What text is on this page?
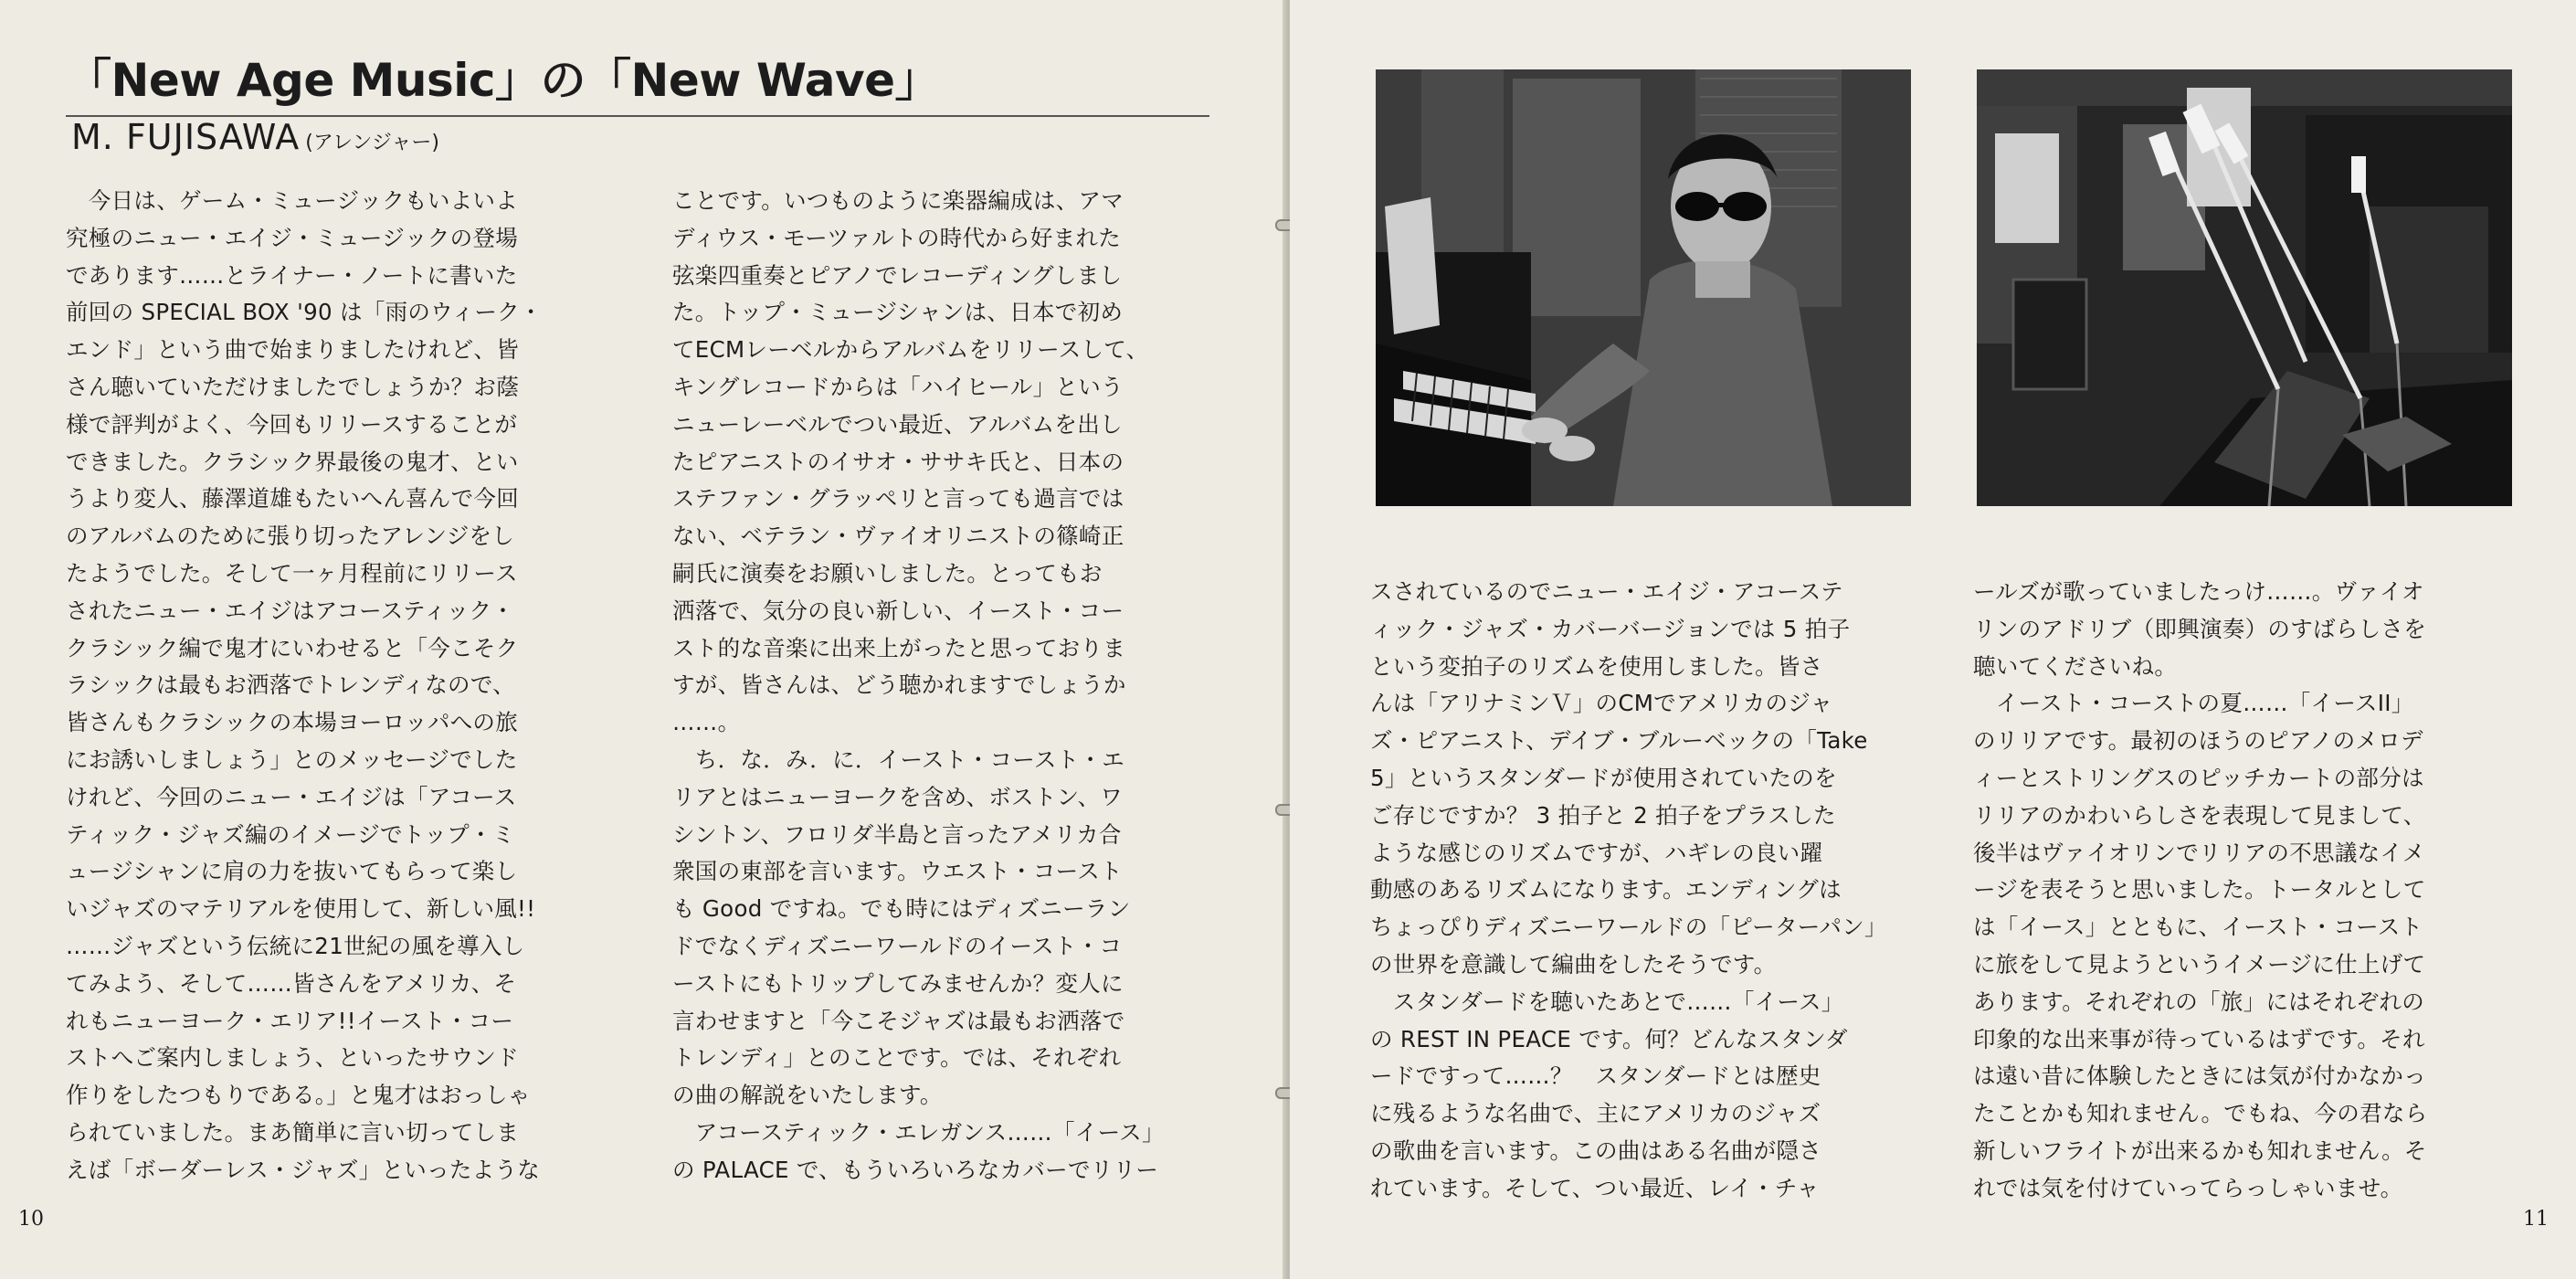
「New Age Music」の「New Wave」
M. FUJISAWA (アレンジャー)
　今日は、ゲーム・ミュージックもいよいよ
究極のニュー・エイジ・ミュージックの登場
であります……とライナー・ノートに書いた
前回の SPECIAL BOX '90 は「雨のウィーク・
エンド」という曲で始まりましたけれど、皆
さん聴いていただけましたでしょうか？お蔭
様で評判がよく、今回もリリースすることが
できました。クラシック界最後の鬼才、とい
うより変人、藤澤道雄もたいへん喜んで今回
のアルバムのために張り切ったアレンジをし
たようでした。そして一ヶ月程前にリリース
されたニュー・エイジはアコースティック・
クラシック編で鬼才にいわせると「今こそク
ラシックは最もお洒落でトレンディなので、
皆さんもクラシックの本場ヨーロッパへの旅
にお誘いしましょう」とのメッセージでした
けれど、今回のニュー・エイジは「アコース
ティック・ジャズ編のイメージでトップ・ミ
ュージシャンに肩の力を抜いてもらって楽し
いジャズのマテリアルを使用して、新しい風!!
……ジャズという伝統に21世紀の風を導入し
てみよう、そして……皆さんをアメリカ、そ
れもニューヨーク・エリア!!イースト・コー
ストへご案内しましょう、といったサウンド
作りをしたつもりである。」と鬼才はおっしゃ
られていました。まあ簡単に言い切ってしま
えば「ボーダーレス・ジャズ」といったような
ことです。いつものように楽器編成は、アマ
ディウス・モーツァルトの時代から好まれた
弦楽四重奏とピアノでレコーディングしまし
た。トップ・ミュージシャンは、日本で初め
てECMレーベルからアルバムをリリースして、
キングレコードからは「ハイヒール」という
ニューレーベルでつい最近、アルバムを出し
たピアニストのイサオ・ササキ氏と、日本の
ステファン・グラッペリと言っても過言では
ない、ベテラン・ヴァイオリニストの篠崎正
嗣氏に演奏をお願いしました。とってもお
洒落で、気分の良い新しい、イースト・コー
スト的な音楽に出来上がったと思っておりま
すが、皆さんは、どう聴かれますでしょうか
……。
　ち．な．み．に．イースト・コースト・エ
リアとはニューヨークを含め、ボストン、ワ
シントン、フロリダ半島と言ったアメリカ合
衆国の東部を言います。ウエスト・コースト
も Good ですね。でも時にはディズニーラン
ドでなくディズニーワールドのイースト・コ
ーストにもトリップしてみませんか？変人に
言わせますと「今こそジャズは最もお洒落で
トレンディ」とのことです。では、それぞれ
の曲の解説をいたします。
　アコースティック・エレガンス……「イース」
の PALACE で、もういろいろなカバーでリリー
10
スされているのでニュー・エイジ・アコーステ
ィック・ジャズ・カバーバージョンでは 5 拍子
という変拍子のリズムを使用しました。皆さ
んは「アリナミンＶ」のCMでアメリカのジャ
ズ・ピアニスト、デイブ・ブルーベックの「Take
5」というスタンダードが使用されていたのを
ご存じですか？ 3 拍子と 2 拍子をプラスした
ような感じのリズムですが、ハギレの良い躍
動感のあるリズムになります。エンディングは
ちょっぴりディズニーワールドの「ピーターパン」
の世界を意識して編曲をしたそうです。
　スタンダードを聴いたあとで……「イース」
の REST IN PEACE です。何？どんなスタンダ
ードですって……？　スタンダードとは歴史
に残るような名曲で、主にアメリカのジャズ
の歌曲を言います。この曲はある名曲が隠さ
れています。そして、つい最近、レイ・チャ
ールズが歌っていましたっけ……。ヴァイオ
リンのアドリブ（即興演奏）のすばらしさを
聴いてくださいね。
　イースト・コーストの夏……「イースII」
のリリアです。最初のほうのピアノのメロデ
ィーとストリングスのピッチカートの部分は
リリアのかわいらしさを表現して見まして、
後半はヴァイオリンでリリアの不思議なイメ
ージを表そうと思いました。トータルとして
は「イース」とともに、イースト・コースト
に旅をして見ようというイメージに仕上げて
あります。それぞれの「旅」にはそれぞれの
印象的な出来事が待っているはずです。それ
は遠い昔に体験したときには気が付かなかっ
たことかも知れません。でもね、今の君なら
新しいフライトが出来るかも知れません。そ
れでは気を付けていってらっしゃいませ。
11
